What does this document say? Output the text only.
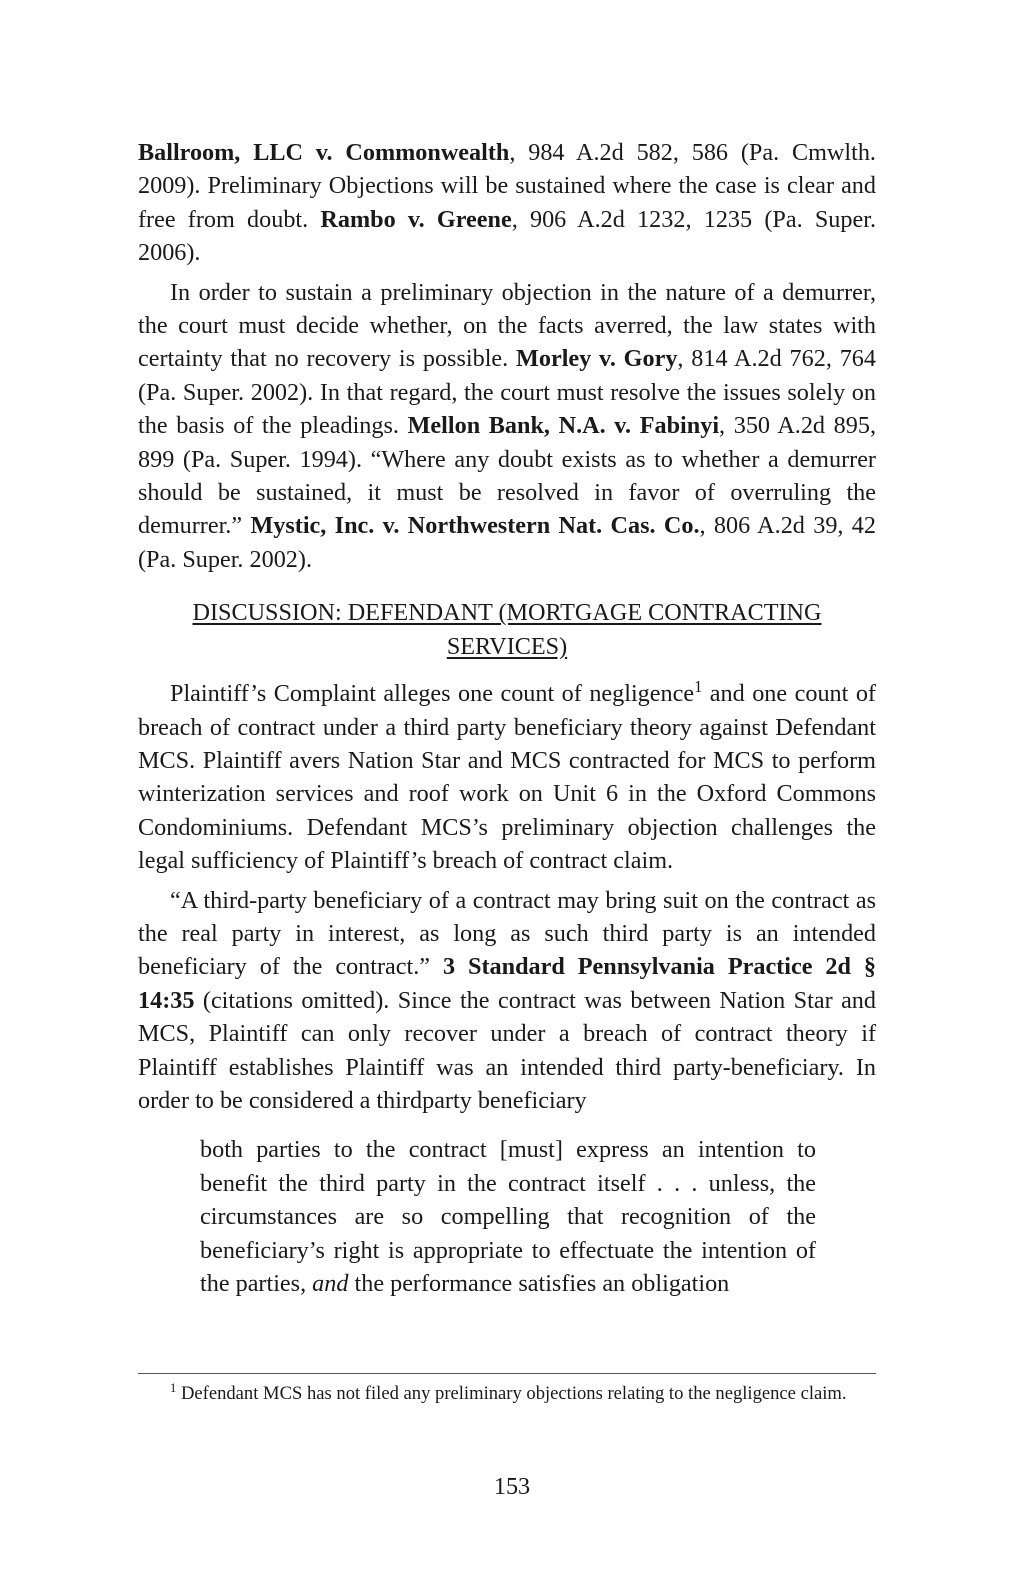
Ballroom, LLC v. Commonwealth, 984 A.2d 582, 586 (Pa. Cmwlth. 2009). Preliminary Objections will be sustained where the case is clear and free from doubt. Rambo v. Greene, 906 A.2d 1232, 1235 (Pa. Super. 2006).

In order to sustain a preliminary objection in the nature of a demurrer, the court must decide whether, on the facts averred, the law states with certainty that no recovery is possible. Morley v. Gory, 814 A.2d 762, 764 (Pa. Super. 2002). In that regard, the court must resolve the issues solely on the basis of the pleadings. Mellon Bank, N.A. v. Fabinyi, 350 A.2d 895, 899 (Pa. Super. 1994). “Where any doubt exists as to whether a demurrer should be sustained, it must be resolved in favor of overruling the demurrer.” Mystic, Inc. v. Northwestern Nat. Cas. Co., 806 A.2d 39, 42 (Pa. Super. 2002).

DISCUSSION: DEFENDANT (MORTGAGE CONTRACTING
SERVICES)

Plaintiff’s Complaint alleges one count of negligence$^1$ and one count of breach of contract under a third party beneficiary theory against Defendant MCS. Plaintiff avers Nation Star and MCS contracted for MCS to perform winterization services and roof work on Unit 6 in the Oxford Commons Condominiums. Defendant MCS’s preliminary objection challenges the legal sufficiency of Plaintiff’s breach of contract claim.

“A third-party beneficiary of a contract may bring suit on the contract as the real party in interest, as long as such third party is an intended beneficiary of the contract.” 3 Standard Pennsylvania Practice 2d § 14:35 (citations omitted). Since the contract was between Nation Star and MCS, Plaintiff can only recover under a breach of contract theory if Plaintiff establishes Plaintiff was an intended third party-beneficiary. In order to be considered a thirdparty beneficiary

both parties to the contract [must] express an intention to benefit the third party in the contract itself . . . unless, the circumstances are so compelling that recognition of the beneficiary’s right is appropriate to effectuate the intention of the parties, and the performance satisfies an obligation

$^1$ Defendant MCS has not filed any preliminary objections relating to the negligence claim.

153
